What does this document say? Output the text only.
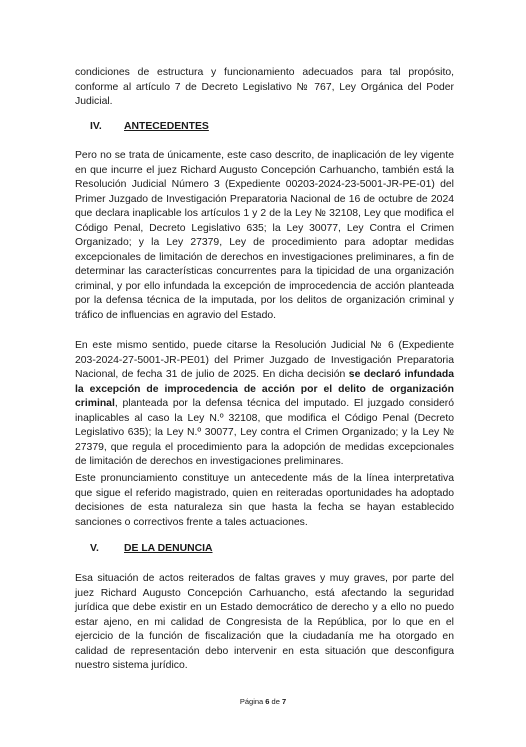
condiciones de estructura y funcionamiento adecuados para tal propósito, conforme al artículo 7 de Decreto Legislativo № 767, Ley Orgánica del Poder Judicial.

IV. ANTECEDENTES

Pero no se trata de únicamente, este caso descrito, de inaplicación de ley vigente en que incurre el juez Richard Augusto Concepción Carhuancho, también está la Resolución Judicial Número 3 (Expediente 00203-2024-23-5001-JR-PE-01) del Primer Juzgado de Investigación Preparatoria Nacional de 16 de octubre de 2024 que declara inaplicable los artículos 1 y 2 de la Ley № 32108, Ley que modifica el Código Penal, Decreto Legislativo 635; la Ley 30077, Ley Contra el Crimen Organizado; y la Ley 27379, Ley de procedimiento para adoptar medidas excepcionales de limitación de derechos en investigaciones preliminares, a fin de determinar las características concurrentes para la tipicidad de una organización criminal, y por ello infundada la excepción de improcedencia de acción planteada por la defensa técnica de la imputada, por los delitos de organización criminal y tráfico de influencias en agravio del Estado.

En este mismo sentido, puede citarse la Resolución Judicial № 6 (Expediente 203-2024-27-5001-JR-PE01) del Primer Juzgado de Investigación Preparatoria Nacional, de fecha 31 de julio de 2025. En dicha decisión se declaró infundada la excepción de improcedencia de acción por el delito de organización criminal, planteada por la defensa técnica del imputado. El juzgado consideró inaplicables al caso la Ley N.º 32108, que modifica el Código Penal (Decreto Legislativo 635); la Ley N.º 30077, Ley contra el Crimen Organizado; y la Ley № 27379, que regula el procedimiento para la adopción de medidas excepcionales de limitación de derechos en investigaciones preliminares.

Este pronunciamiento constituye un antecedente más de la línea interpretativa que sigue el referido magistrado, quien en reiteradas oportunidades ha adoptado decisiones de esta naturaleza sin que hasta la fecha se hayan establecido sanciones o correctivos frente a tales actuaciones.

V. DE LA DENUNCIA

Esa situación de actos reiterados de faltas graves y muy graves, por parte del juez Richard Augusto Concepción Carhuancho, está afectando la seguridad jurídica que debe existir en un Estado democrático de derecho y a ello no puedo estar ajeno, en mi calidad de Congresista de la República, por lo que en el ejercicio de la función de fiscalización que la ciudadanía me ha otorgado en calidad de representación debo intervenir en esta situación que desconfigura nuestro sistema jurídico.

Página 6 de 7
